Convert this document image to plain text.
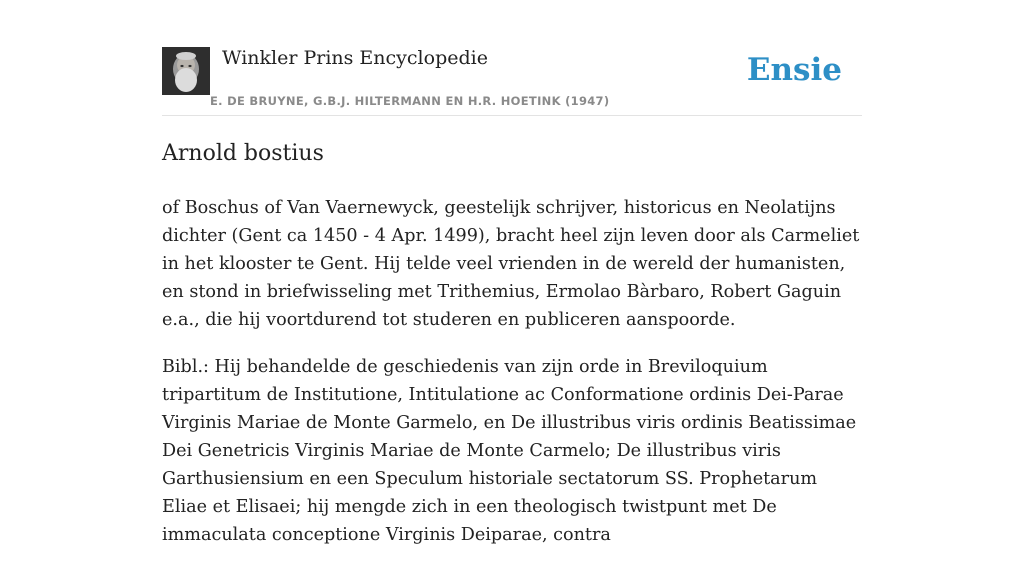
Winkler Prins Encyclopedie
E. DE BRUYNE, G.B.J. HILTERMANN EN H.R. HOETINK (1947)
Ensie
Arnold bostius

of Boschus of Van Vaernewyck, geestelijk schrijver, historicus en Neolatijns dichter (Gent ca 1450 - 4 Apr. 1499), bracht heel zijn leven door als Carmeliet in het klooster te Gent. Hij telde veel vrienden in de wereld der humanisten, en stond in briefwisseling met Trithemius, Ermolao Bàrbaro, Robert Gaguin e.a., die hij voortdurend tot studeren en publiceren aanspoorde.

Bibl.: Hij behandelde de geschiedenis van zijn orde in Breviloquium tripartitum de Institutione, Intitulatione ac Conformatione ordinis Dei-Parae Virginis Mariae de Monte Garmelo, en De illustribus viris ordinis Beatissimae Dei Genetricis Virginis Mariae de Monte Carmelo; De illustribus viris Garthusiensium en een Speculum historiale sectatorum SS. Prophetarum Eliae et Elisaei; hij mengde zich in een theologisch twistpunt met De immaculata conceptione Virginis Deiparae, contra
